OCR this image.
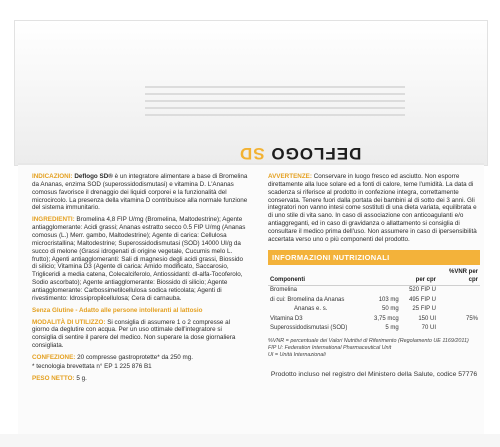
DEFLOGO SD

INDICAZIONI: Deflogo SD® è un integratore alimentare a base di Bromelina da Ananas, enzima SOD (superossidodismutasi) e vitamina D. L'Ananas comosus favorisce il drenaggio dei liquidi corporei e la funzionalità del microcircolo. La presenza della vitamina D contribuisce alla normale funzione del sistema immunitario.

INGREDIENTI: Bromelina 4,8 FIP U/mg (Bromelina, Maltodestrine); Agente antiagglomerante: Acidi grassi; Ananas estratto secco 0.5 FIP U/mg (Ananas comosus (L.) Merr. gambo, Maltodestrine); Agente di carica: Cellulosa microcristallina; Maltodestrine; Superossidodismutasi (SOD) 14000 UI/g da succo di melone (Grassi idrogenati di origine vegetale, Cucumis melo L. frutto); Agenti antiagglomeranti: Sali di magnesio degli acidi grassi, Biossido di silicio; Vitamina D3 (Agente di carica: Amido modificato, Saccarosio, Trigliceridi a media catena, Colecalciferolo, Antiossidanti: dl-alfa-Tocoferolo, Sodio ascorbato); Agente antiagglomerante: Biossido di silicio; Agente antiagglomerante: Carbossimetilcellulosa sodica reticolata; Agenti di rivestimento: Idrossipropilcellulosa; Cera di carnauba.

Senza Glutine - Adatto alle persone intolleranti al lattosio

MODALITÀ DI UTILIZZO: Si consiglia di assumere 1 o 2 compresse al giorno da deglutire con acqua. Per un uso ottimale dell'integratore si consiglia di sentire il parere del medico. Non superare la dose giornaliera consigliata.

CONFEZIONE: 20 compresse gastroprotette* da 250 mg.

* tecnologia brevettata n° EP 1 225 876 B1

PESO NETTO: 5 g.

AVVERTENZE: Conservare in luogo fresco ed asciutto. Non esporre direttamente alla luce solare ed a fonti di calore, teme l'umidità. La data di scadenza si riferisce al prodotto in confezione integra, correttamente conservata. Tenere fuori dalla portata dei bambini al di sotto dei 3 anni. Gli integratori non vanno intesi come sostituti di una dieta variata, equilibrata e di uno stile di vita sano. In caso di associazione con anticoagulanti e/o antiaggreganti, ed in caso di gravidanza o allattamento si consiglia di consultare il medico prima dell'uso. Non assumere in caso di ipersensibilità accertata verso uno o più componenti del prodotto.

INFORMAZIONI NUTRIZIONALI
Componenti	per cpr		%VNR per cpr
Bromelina		520 FIP U	
di cui: Bromelina da Ananas	103 mg	495 FIP U	
Ananas e. s.	50 mg	25 FIP U	
Vitamina D3	3,75 mcg	150 UI	75%
Superossidodismutasi (SOD)	5 mg	70 UI	
%VNR = percentuale dei Valori Nutritivi di Riferimento (Regolamento UE 1169/2011)
FIP U: Federation International Pharmaceutical Unit
UI = Unità Internazionali
Prodotto incluso nel registro del Ministero della Salute, codice 57776
